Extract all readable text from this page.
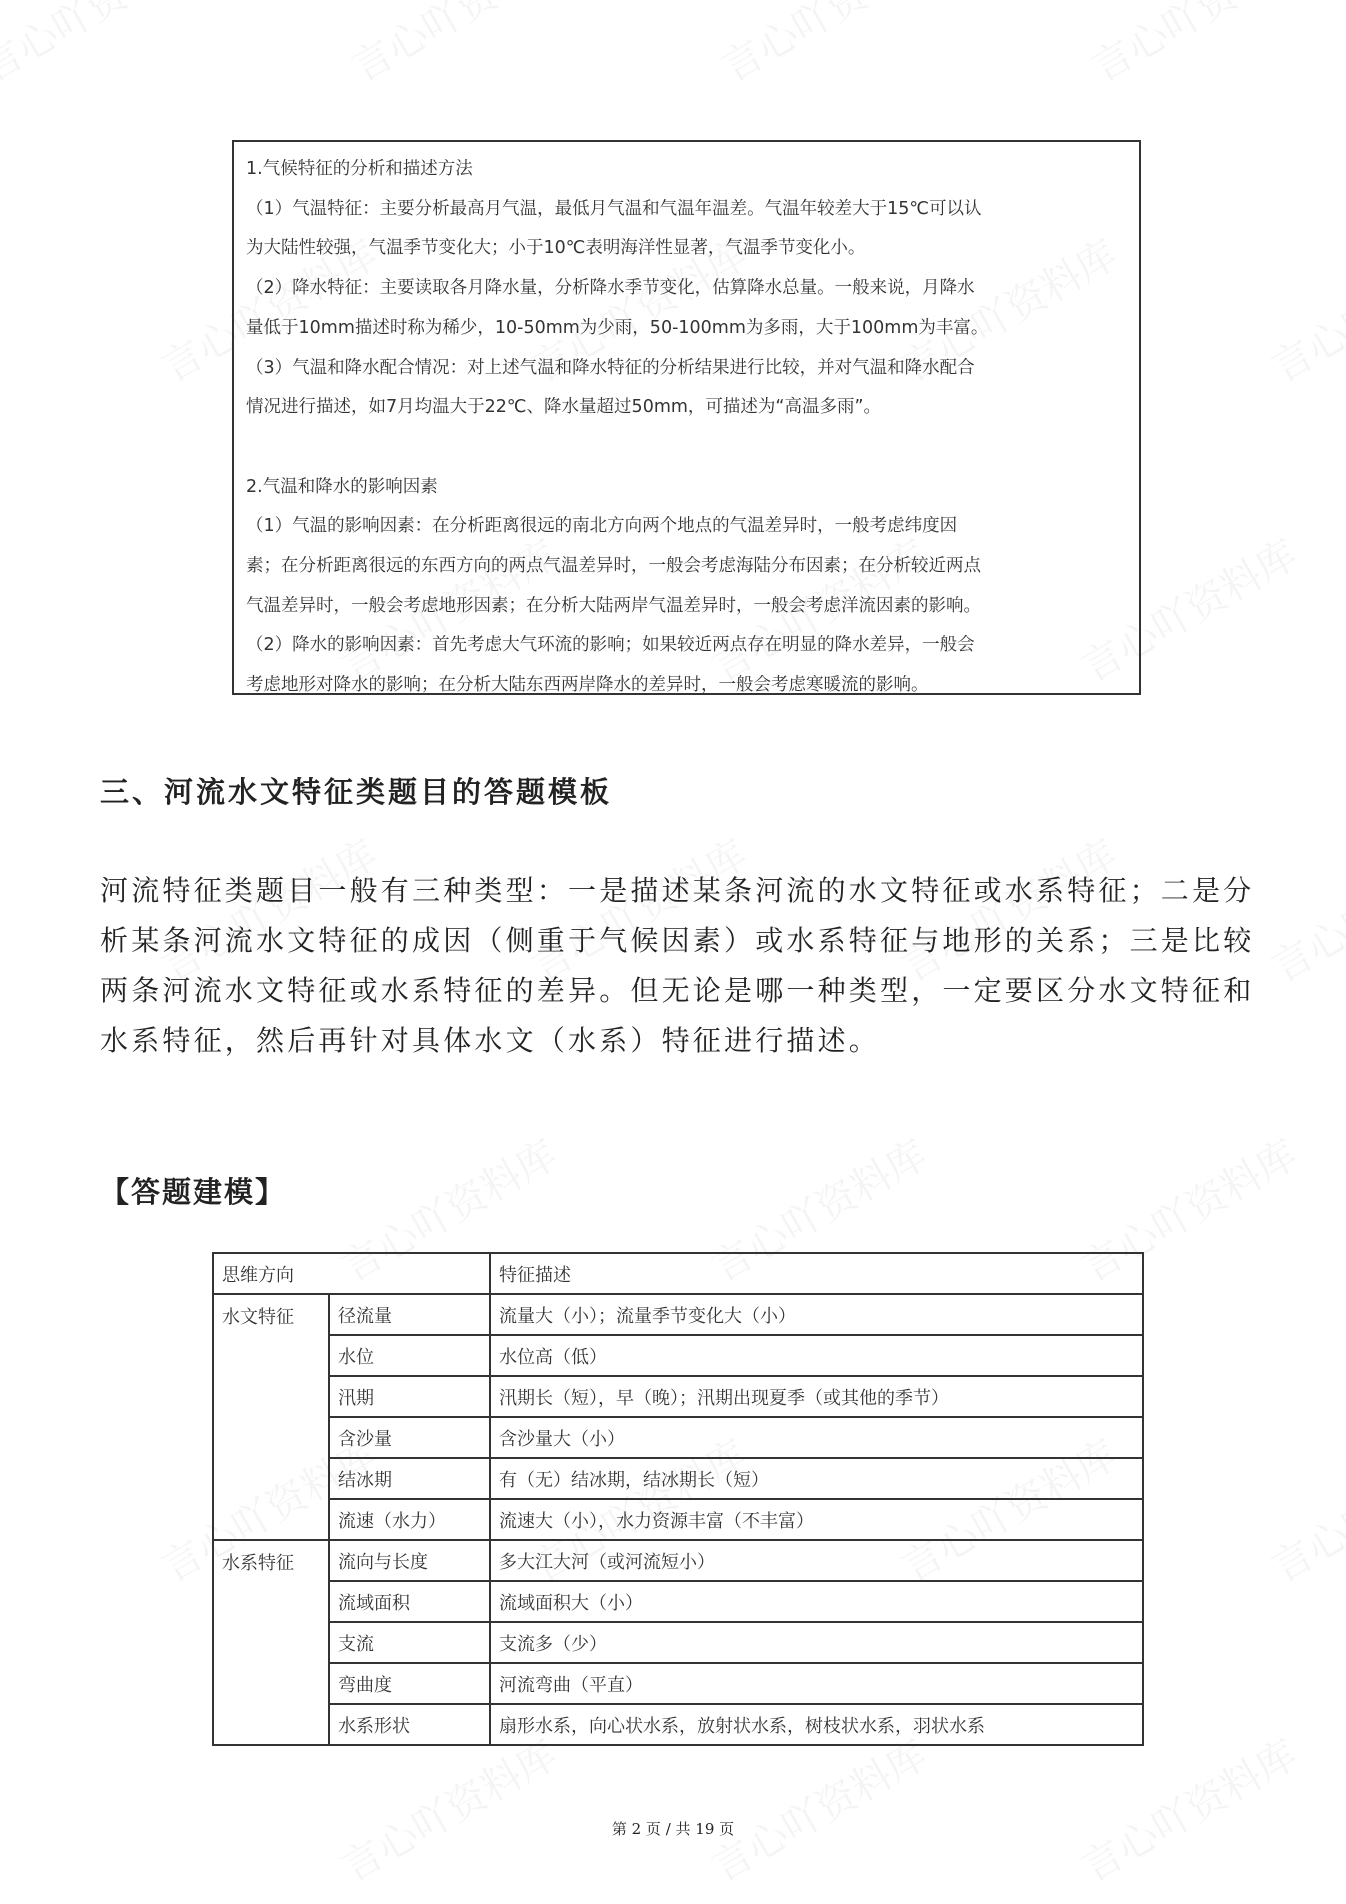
1.气候特征的分析和描述方法

（1）气温特征：主要分析最高月气温，最低月气温和气温年温差。气温年较差大于15℃可以认

为大陆性较强，气温季节变化大；小于10℃表明海洋性显著，气温季节变化小。

（2）降水特征：主要读取各月降水量，分析降水季节变化，估算降水总量。一般来说，月降水

量低于10mm描述时称为稀少，10-50mm为少雨，50-100mm为多雨，大于100mm为丰富。

（3）气温和降水配合情况：对上述气温和降水特征的分析结果进行比较，并对气温和降水配合

情况进行描述，如7月均温大于22℃、降水量超过50mm，可描述为“高温多雨”。

2.气温和降水的影响因素

（1）气温的影响因素：在分析距离很远的南北方向两个地点的气温差异时，一般考虑纬度因

素；在分析距离很远的东西方向的两点气温差异时，一般会考虑海陆分布因素；在分析较近两点

气温差异时，一般会考虑地形因素；在分析大陆两岸气温差异时，一般会考虑洋流因素的影响。

（2）降水的影响因素：首先考虑大气环流的影响；如果较近两点存在明显的降水差异，一般会

考虑地形对降水的影响；在分析大陆东西两岸降水的差异时，一般会考虑寒暖流的影响。

三、河流水文特征类题目的答题模板
河流特征类题目一般有三种类型：一是描述某条河流的水文特征或水系特征；二是分析某条河流水文特征的成因（侧重于气候因素）或水系特征与地形的关系；三是比较两条河流水文特征或水系特征的差异。但无论是哪一种类型，一定要区分水文特征和水系特征，然后再针对具体水文（水系）特征进行描述。
【答题建模】
思维方向		特征描述
水文特征	径流量	流量大（小）；流量季节变化大（小）
	水位	水位高（低）
	汛期	汛期长（短），早（晚）；汛期出现夏季（或其他的季节）
	含沙量	含沙量大（小）
	结冰期	有（无）结冰期，结冰期长（短）
	流速（水力）	流速大（小），水力资源丰富（不丰富）
水系特征	流向与长度	多大江大河（或河流短小）
	流域面积	流域面积大（小）
	支流	支流多（少）
	弯曲度	河流弯曲（平直）
	水系形状	扇形水系，向心状水系，放射状水系，树枝状水系，羽状水系
第 2 页 / 共 19 页
